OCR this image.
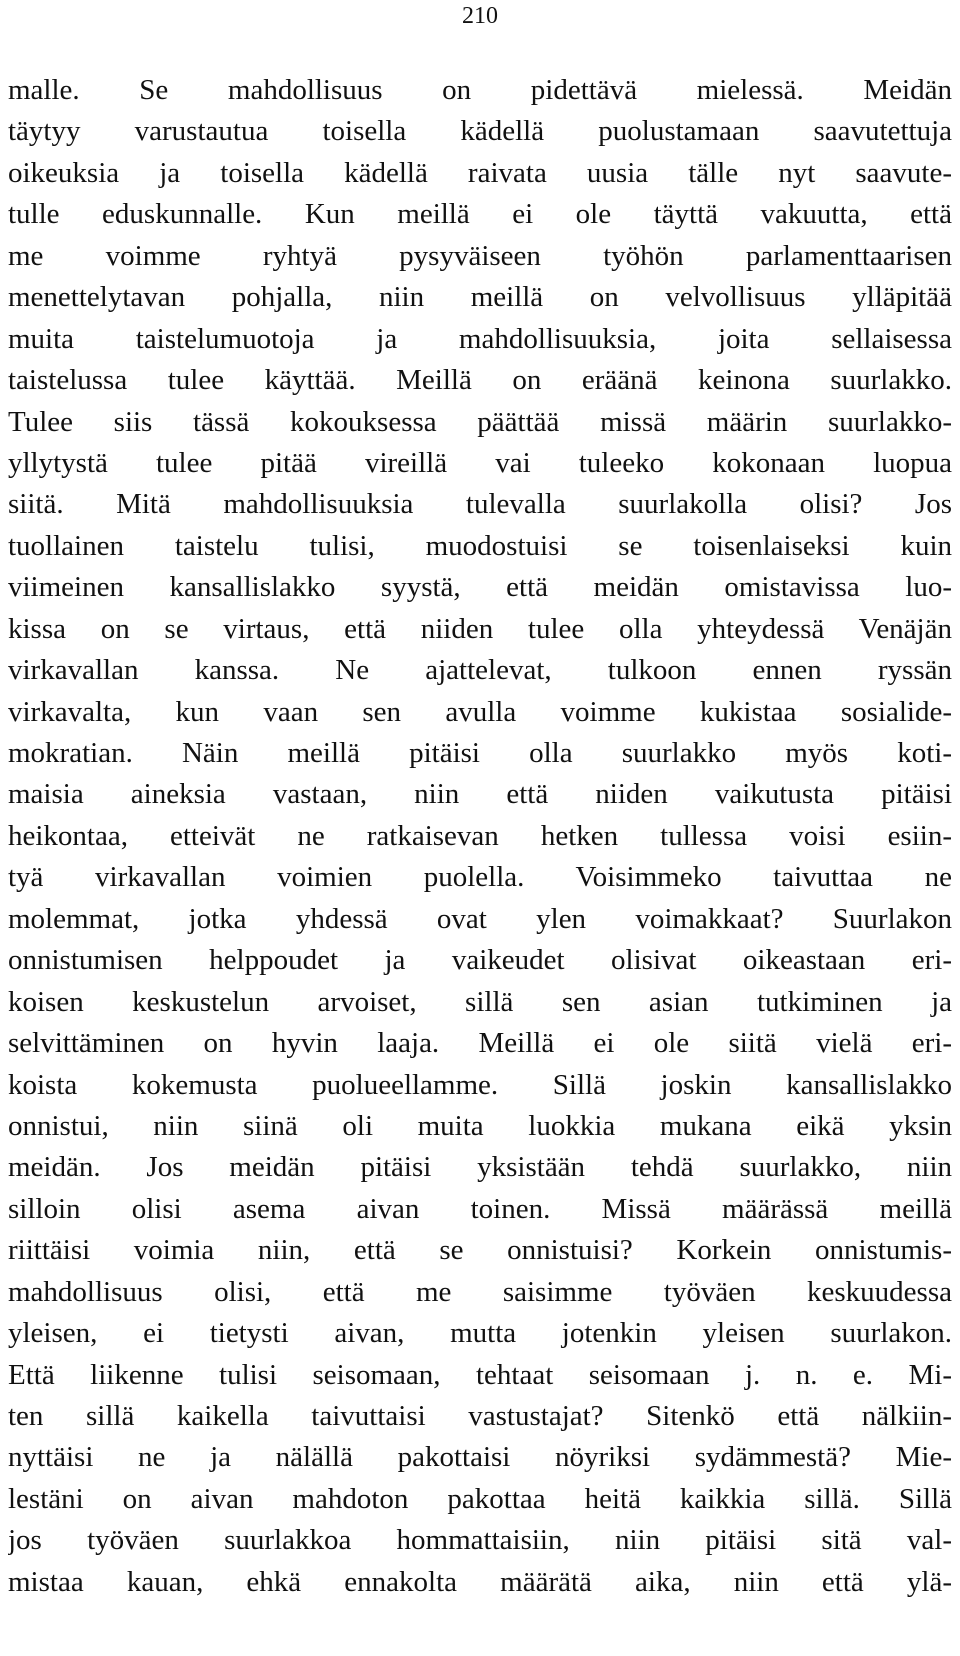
210
malle. Se mahdollisuus on pidettävä mielessä. Meidän
täytyy varustautua toisella kädellä puolustamaan saavutettuja
oikeuksia ja toisella kädellä raivata uusia tälle nyt saavute-
tulle eduskunnalle. Kun meillä ei ole täyttä vakuutta, että
me voimme ryhtyä pysyväiseen työhön parlamenttaarisen
menettelytavan pohjalla, niin meillä on velvollisuus ylläpitää
muita taistelumuotoja ja mahdollisuuksia, joita sellaisessa
taistelussa tulee käyttää. Meillä on eräänä keinona suurlakko.
Tulee siis tässä kokouksessa päättää missä määrin suurlakko-
yllytystä tulee pitää vireillä vai tuleeko kokonaan luopua
siitä. Mitä mahdollisuuksia tulevalla suurlakolla olisi? Jos
tuollainen taistelu tulisi, muodostuisi se toisenlaiseksi kuin
viimeinen kansallislakko syystä, että meidän omistavissa luo-
kissa on se virtaus, että niiden tulee olla yhteydessä Venäjän
virkavallan kanssa. Ne ajattelevat, tulkoon ennen ryssän
virkavalta, kun vaan sen avulla voimme kukistaa sosialide-
mokratian. Näin meillä pitäisi olla suurlakko myös koti-
maisia aineksia vastaan, niin että niiden vaikutusta pitäisi
heikontaa, etteivät ne ratkaisevan hetken tullessa voisi esiin-
tyä virkavallan voimien puolella. Voisimmeko taivuttaa ne
molemmat, jotka yhdessä ovat ylen voimakkaat? Suurlakon
onnistumisen helppoudet ja vaikeudet olisivat oikeastaan eri-
koisen keskustelun arvoiset, sillä sen asian tutkiminen ja
selvittäminen on hyvin laaja. Meillä ei ole siitä vielä eri-
koista kokemusta puolueellamme. Sillä joskin kansallislakko
onnistui, niin siinä oli muita luokkia mukana eikä yksin
meidän. Jos meidän pitäisi yksistään tehdä suurlakko, niin
silloin olisi asema aivan toinen. Missä määrässä meillä
riittäisi voimia niin, että se onnistuisi? Korkein onnistumis-
mahdollisuus olisi, että me saisimme työväen keskuudessa
yleisen, ei tietysti aivan, mutta jotenkin yleisen suurlakon.
Että liikenne tulisi seisomaan, tehtaat seisomaan j. n. e. Mi-
ten sillä kaikella taivuttaisi vastustajat? Sitenkö että nälkiin-
nyttäisi ne ja nälällä pakottaisi nöyriksi sydämmestä? Mie-
lestäni on aivan mahdoton pakottaa heitä kaikkia sillä. Sillä
jos työväen suurlakkoa hommattaisiin, niin pitäisi sitä val-
mistaa kauan, ehkä ennakolta määrätä aika, niin että ylä-
